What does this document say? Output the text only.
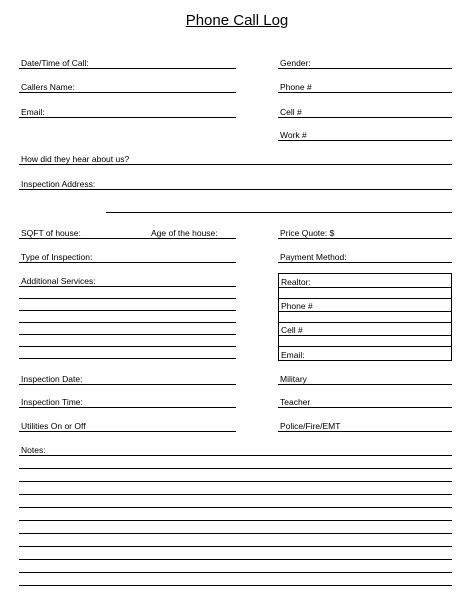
Phone Call Log
Date/Time of Call:	Gender:
Callers Name:	Phone #
Email:	Cell #
Work #
How did they hear about us?
Inspection Address:
SQFT of house:	Age of the house:	Price Quote: $
Type of Inspection:	Payment Method:
Additional Services:	Realtor:
Phone #
Cell #
Email:
Inspection Date:	Military
Inspection Time:	Teacher
Utilities On or Off	Police/Fire/EMT
Notes:
